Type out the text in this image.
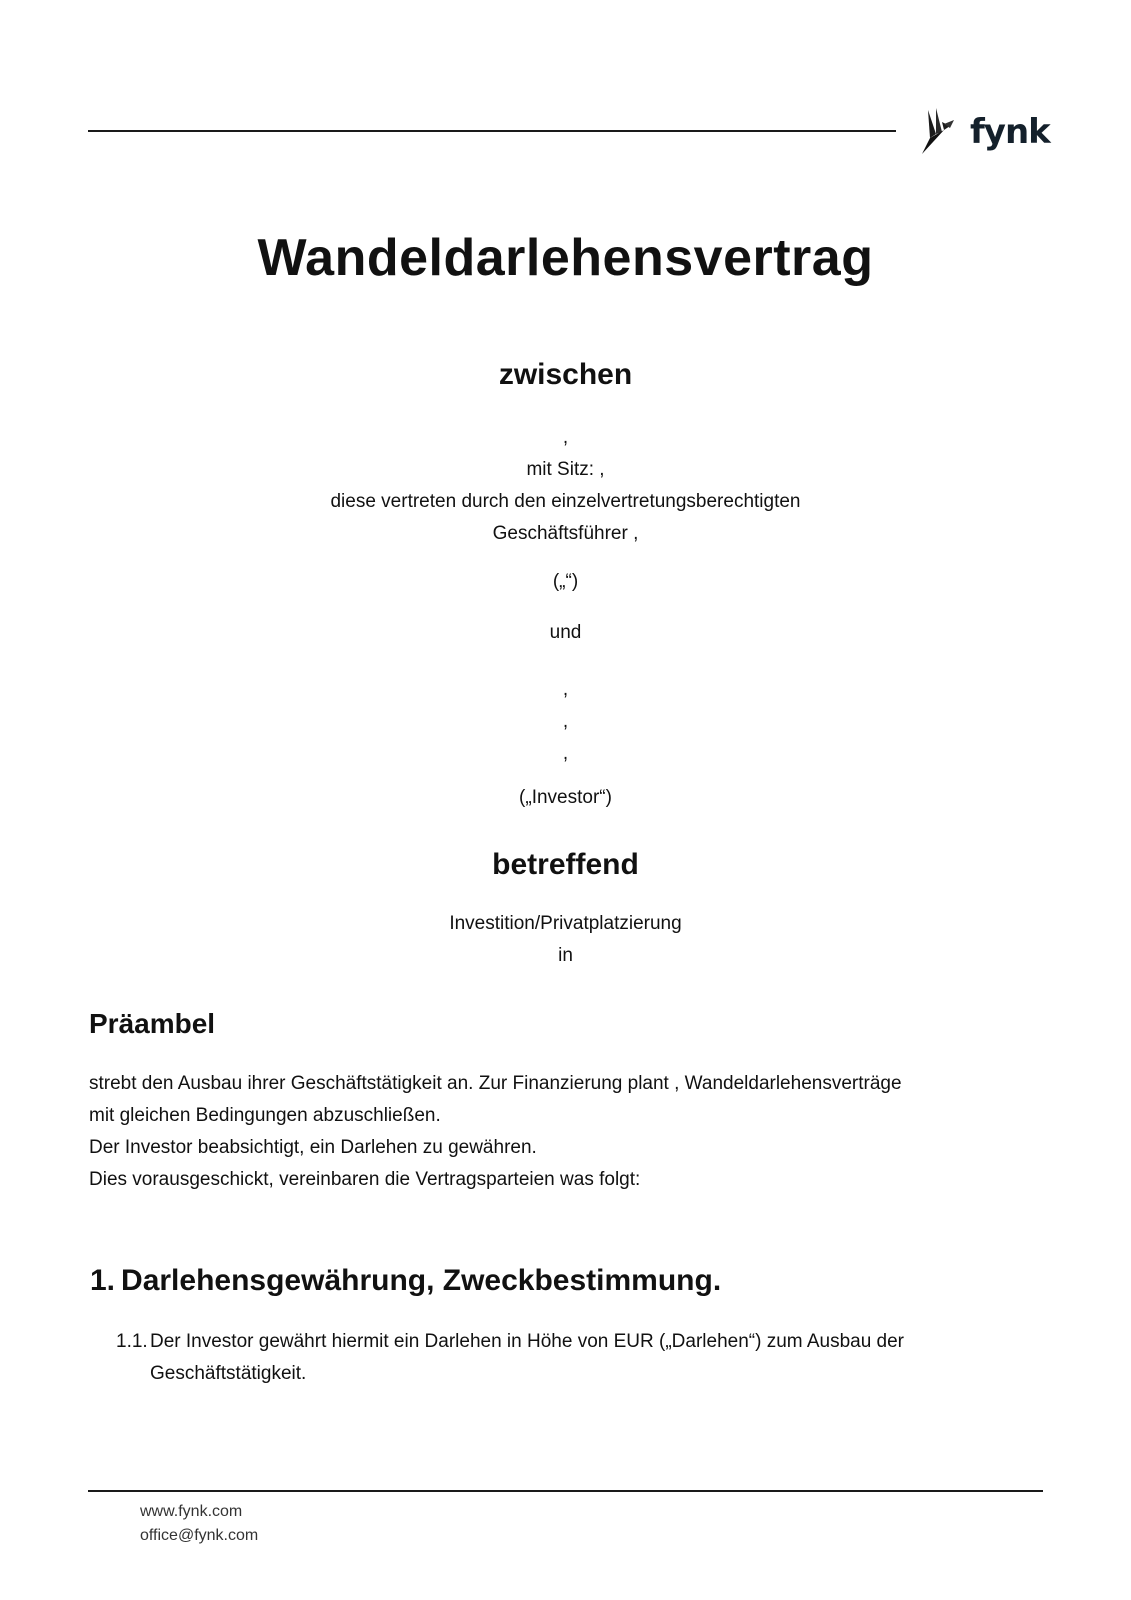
fynk
Wandeldarlehensvertrag
zwischen
,
mit Sitz: ,
diese vertreten durch den einzelvertretungsberechtigten
Geschäftsführer ,
(„“)
und
,
,
,
(„Investor“)
betreffend
Investition/Privatplatzierung
in
Präambel
strebt den Ausbau ihrer Geschäftstätigkeit an. Zur Finanzierung plant , Wandeldarlehensverträge
mit gleichen Bedingungen abzuschließen.
Der Investor beabsichtigt, ein Darlehen zu gewähren.
Dies vorausgeschickt, vereinbaren die Vertragsparteien was folgt:
1. Darlehensgewährung, Zweckbestimmung.
1.1. Der Investor gewährt hiermit ein Darlehen in Höhe von EUR („Darlehen“) zum Ausbau der Geschäftstätigkeit.
www.fynk.com
office@fynk.com
